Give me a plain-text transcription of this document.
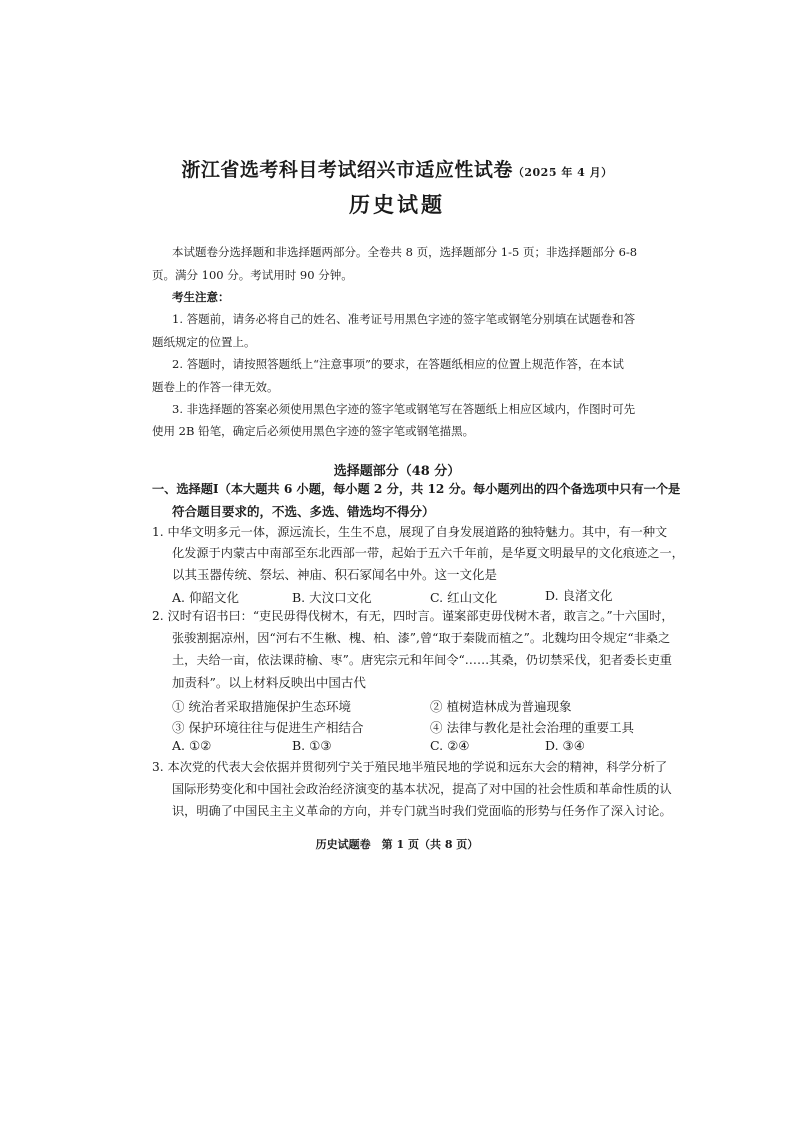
浙江省选考科目考试绍兴市适应性试卷（2025 年 4 月）
历史试题
本试题卷分选择题和非选择题两部分。全卷共 8 页，选择题部分 1-5 页；非选择题部分 6-8
页。满分 100 分。考试用时 90 分钟。
考生注意：
1. 答题前，请务必将自己的姓名、准考证号用黑色字迹的签字笔或钢笔分别填在试题卷和答
题纸规定的位置上。
2. 答题时，请按照答题纸上“注意事项”的要求，在答题纸相应的位置上规范作答，在本试
题卷上的作答一律无效。
3. 非选择题的答案必须使用黑色字迹的签字笔或钢笔写在答题纸上相应区域内，作图时可先
使用 2B 铅笔，确定后必须使用黑色字迹的签字笔或钢笔描黑。
选择题部分（48 分）
一、选择题Ⅰ（本大题共 6 小题，每小题 2 分，共 12 分。每小题列出的四个备选项中只有一个是
符合题目要求的，不选、多选、错选均不得分）
1. 中华文明多元一体，源远流长，生生不息，展现了自身发展道路的独特魅力。其中，有一种文
化发源于内蒙古中南部至东北西部一带，起始于五六千年前，是华夏文明最早的文化痕迹之一，
以其玉器传统、祭坛、神庙、积石冢闻名中外。这一文化是
A. 仰韶文化	B. 大汶口文化	C. 红山文化	D. 良渚文化
2. 汉时有诏书曰：“吏民毋得伐树木，有无，四时言。谨案部吏毋伐树木者，敢言之。”十六国时，
张骏割据凉州，因“河右不生楸、槐、柏、漆”,曾“取于秦陇而植之”。北魏均田令规定“非桑之
土，夫给一亩，依法课莳榆、枣”。唐宪宗元和年间令“……其桑，仍切禁采伐，犯者委长吏重
加责科”。以上材料反映出中国古代
① 统治者采取措施保护生态环境	② 植树造林成为普遍现象
③ 保护环境往往与促进生产相结合	④ 法律与教化是社会治理的重要工具
A. ①②	B. ①③	C. ②④	D. ③④
3. 本次党的代表大会依据并贯彻列宁关于殖民地半殖民地的学说和远东大会的精神，科学分析了
国际形势变化和中国社会政治经济演变的基本状况，提高了对中国的社会性质和革命性质的认
识，明确了中国民主主义革命的方向，并专门就当时我们党面临的形势与任务作了深入讨论。
历史试题卷　第 1 页（共 8 页）
